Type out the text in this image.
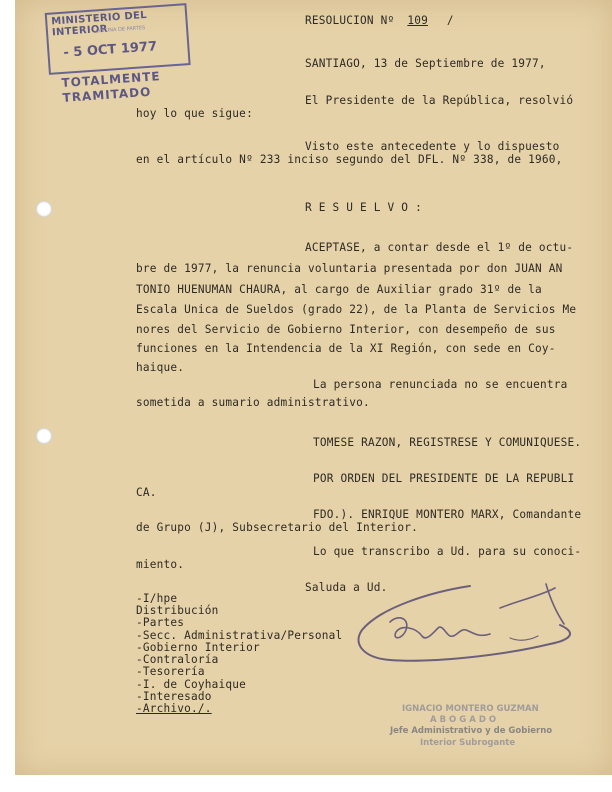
MINISTERIO DEL INTERIOR
OFICINA DE PARTES
- 5 OCT 1977
TOTALMENTE
TRAMITADO
RESOLUCION Nº 109 /
SANTIAGO, 13 de Septiembre de 1977,
El Presidente de la República, resolvió
hoy lo que sigue:
Visto este antecedente y lo dispuesto
en el artículo Nº 233 inciso segundo del DFL. Nº 338, de 1960,
R E S U E L V O :
ACEPTASE, a contar desde el 1º de octu-
bre de 1977, la renuncia voluntaria presentada por don JUAN AN
TONIO HUENUMAN CHAURA, al cargo de Auxiliar grado 31º de la
Escala Unica de Sueldos (grado 22), de la Planta de Servicios Me
nores del Servicio de Gobierno Interior, con desempeño de sus
funciones en la Intendencia de la XI Región, con sede en Coy-
haique.
La persona renunciada no se encuentra
sometida a sumario administrativo.
TOMESE RAZON, REGISTRESE Y COMUNIQUESE.
POR ORDEN DEL PRESIDENTE DE LA REPUBLI
CA.
FDO.). ENRIQUE MONTERO MARX, Comandante
de Grupo (J), Subsecretario del Interior.
Lo que transcribo a Ud. para su conoci-
miento.
Saluda a Ud.
-I/hpe
Distribución
-Partes
-Secc. Administrativa/Personal
-Gobierno Interior
-Contraloría
-Tesorería
-I. de Coyhaique
-Interesado
-Archivo./.	IGNACIO MONTERO GUZMAN
ABOGADO
Jefe Administrativo y de Gobierno
Interior Subrogante
